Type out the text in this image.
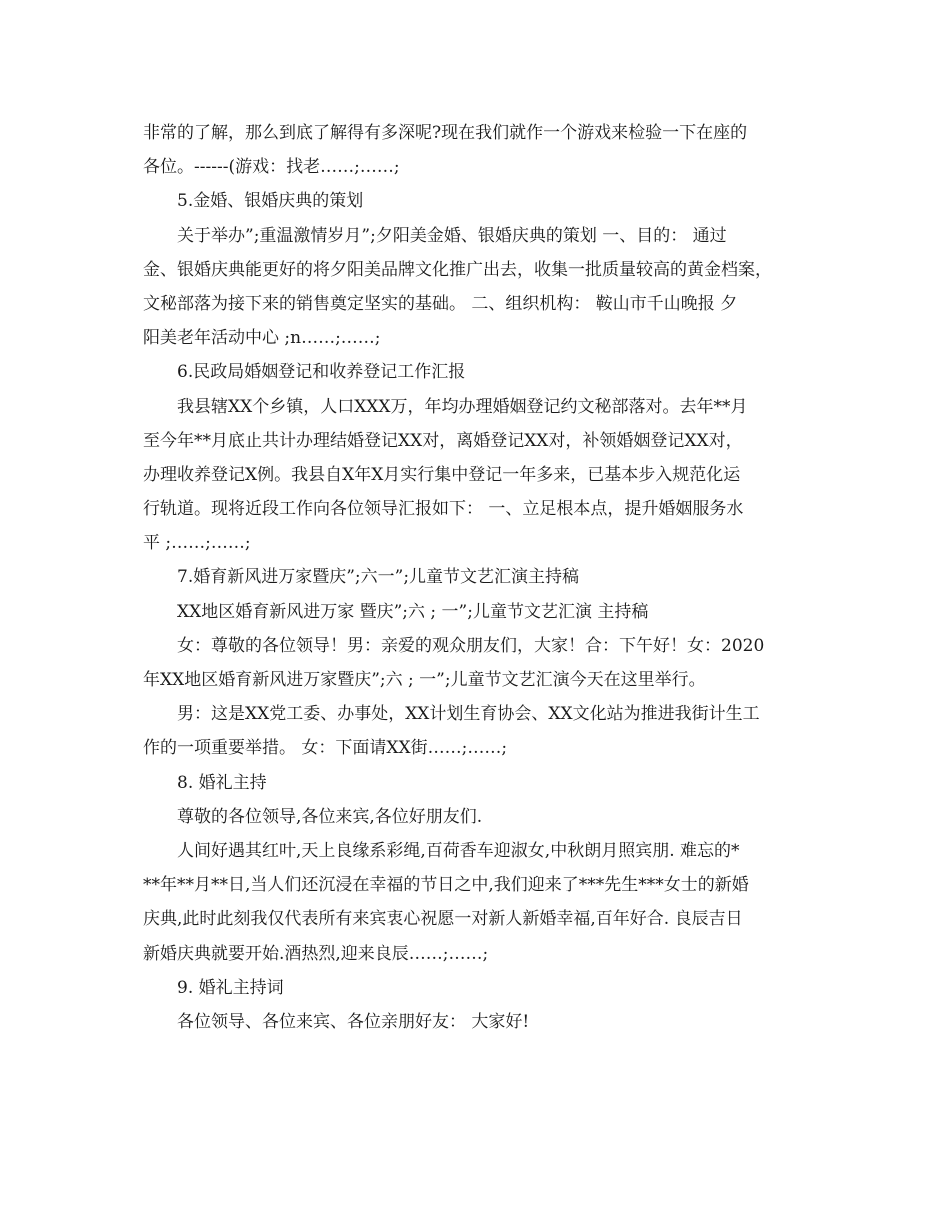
非常的了解，那么到底了解得有多深呢?现在我们就作一个游戏来检验一下在座的
各位。------(游戏：找老……;……;
5.金婚、银婚庆典的策划
关于举办”;重温激情岁月”;夕阳美金婚、银婚庆典的策划 一、目的： 通过
金、银婚庆典能更好的将夕阳美品牌文化推广出去，收集一批质量较高的黄金档案，
文秘部落为接下来的销售奠定坚实的基础。 二、组织机构： 鞍山市千山晚报 夕
阳美老年活动中心 ;n……;……;
6.民政局婚姻登记和收养登记工作汇报
我县辖XX个乡镇，人口XXX万，年均办理婚姻登记约文秘部落对。去年**月
至今年**月底止共计办理结婚登记XX对，离婚登记XX对，补领婚姻登记XX对，
办理收养登记X例。我县自X年X月实行集中登记一年多来，已基本步入规范化运
行轨道。现将近段工作向各位领导汇报如下： 一、立足根本点，提升婚姻服务水
平 ;……;……;
7.婚育新风进万家暨庆”;六一”;儿童节文艺汇演主持稿
XX地区婚育新风进万家 暨庆”;六 ; 一”;儿童节文艺汇演 主持稿
女：尊敬的各位领导！男：亲爱的观众朋友们，大家！合：下午好！女：2020
年XX地区婚育新风进万家暨庆”;六 ; 一”;儿童节文艺汇演今天在这里举行。
男：这是XX党工委、办事处，XX计划生育协会、XX文化站为推进我街计生工
作的一项重要举措。 女：下面请XX街……;……;
8. 婚礼主持
尊敬的各位领导,各位来宾,各位好朋友们.
人间好遇其红叶,天上良缘系彩绳,百荷香车迎淑女,中秋朗月照宾朋. 难忘的*
**年**月**日,当人们还沉浸在幸福的节日之中,我们迎来了***先生***女士的新婚
庆典,此时此刻我仅代表所有来宾衷心祝愿一对新人新婚幸福,百年好合. 良辰吉日
新婚庆典就要开始.酒热烈,迎来良辰……;……;
9. 婚礼主持词
各位领导、各位来宾、各位亲朋好友： 大家好!
